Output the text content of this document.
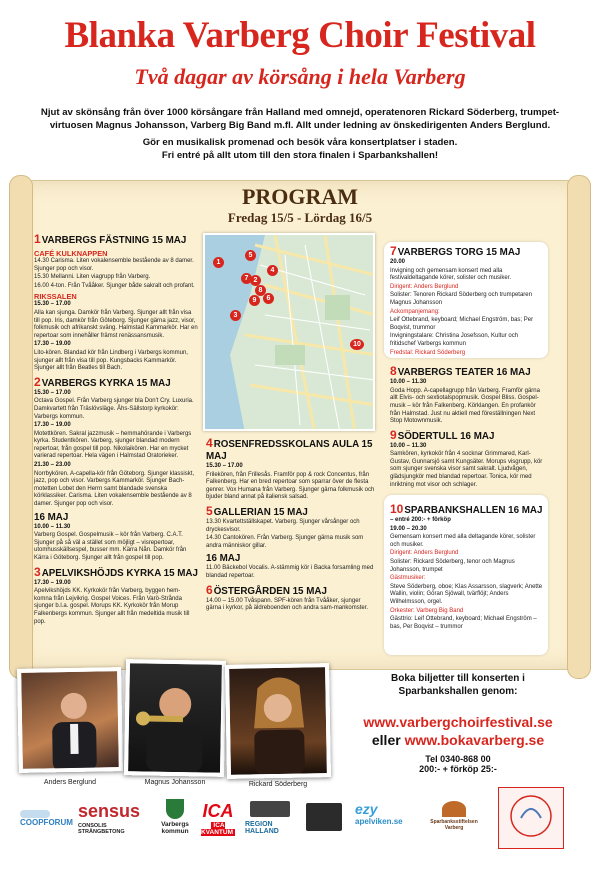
Blanka Varberg Choir Festival
Två dagar av körsång i hela Varberg

Njut av skönsång från över 1000 körsångare från Halland med omnejd, operatenoren Rickard Söderberg, trumpet-virtuosen Magnus Johansson, Varberg Big Band m.fl. Allt under ledning av önskedirigenten Anders Berglund.

Gör en musikalisk promenad och besök våra konsertplatser i staden.

Fri entré på allt utom till den stora finalen i Sparbankshallen!

PROGRAM
Fredag 15/5 - Lördag 16/5
1VARBERGS FÄSTNING 15 MAJ
CAFÉ KULKNAPPEN
14.30 Carisma. Liten vokalensemble bestående av 8 damer. Sjunger pop och visor.
15.30 Mellanni. Liten viagrupp från Varberg.
16.00 4-ton. Från Tvååker. Sjunger både sakralt och profant.
RIKSSALEN
15.30 – 17.00
Alla kan sjunga. Damkör från Varberg. Sjunger allt från visa till pop. Iris, damkör från Göteborg. Sjunger gärna jazz, visor, folkmusik och afrikanskt sväng. Halmstad Kammarkör. Har en repertoar som innehåller främst renässansmusik.
17.30 – 19.00
Lito-kören. Blandad kör från Lindberg i Varbergs kommun, sjunger allt från visa till pop. Kungsbacks Kammarkör. Sjunger allt från Beatles till Bach.
2VARBERGS KYRKA 15 MAJ
15.30 – 17.00
Octava Gospel. Från Varberg sjunger bla Don't Cry. Luxuria. Damkvartett från Träslövsläge. Åhs-Sällstorp kyrkokör: Varbergs kommun.
17.30 – 19.00
Motettkören. Sakral jazzmusik – hemmahörande i Varbergs kyrka. Studentkören. Varberg, sjunger blandad modern repertoar, från gospel till pop. Nikolaikören. Har en mycket varierad repertoar. Hela vägen i Halmstad Oratorieker.
21.30 – 23.00
Norrbykören. A-capella-kör från Göteborg. Sjunger klassiskt, jazz, pop och visor. Varbergs Kammarkör. Sjunger Bach-motetten Lobet den Herrn samt blandade svenska körklassiker. Carisma. Liten vokalensemble bestående av 8 damer. Sjunger pop och visor.
16 MAJ
10.00 – 11.30
Varberg Gospel. Gospelmusik – kör från Varberg. C.A.T. Sjunger på så väl a stället som möjligt – visrepertoar, utomhusskällsespel, busser mm. Kärra Nån. Damkör från Kärra i Göteborg. Sjunger allt från gospel till pop.
3APELVIKSHÖJDS KYRKA 15 MAJ
17.30 – 19.00
Apelvikshöjds KK. Kyrkokör från Varberg, byggen hem-komna från Lejvikrig. Gospel Voices. Från Varö-Strånda sjunger b.l.a. gospel. Morups KK. Kyrkokör från Morup Falkenbergs kommun. Sjunger allt från medeltida musik till pop.
1
2
3
4
5
6
7
8
9
10
4ROSENFREDSSKOLANS AULA 15 MAJ
15.30 – 17.00
Frilekören, från Frillesås. Framför pop & rock Concentus, från Falkenberg. Har en bred repertoar som sparrar över de flesta genrer. Vox Humana från Varberg. Sjunger gärna folkmusik och bjuder bland annat på italiensk salsad.
5GALLERIAN 15 MAJ
13.30 Kvartettställskapet. Varberg. Sjunger vårsånger och dryckesvisor.
14.30 Cantokören. Från Varberg. Sjunger gärna musik som andra människor gillar.
16 MAJ
11.00 Bäckebol Vocalis. A-stämmig kör i Backa forsamling med blandad repertoar.
6ÖSTERGÅRDEN 15 MAJ
14.00 – 15.00 Tvåspann. SPF-kören från Tvååker, sjunger gärna i kyrkor, på äldreboenden och andra sam-mankomster.
7VARBERGS TORG 15 MAJ
20.00
Invigning och gemensam konsert med alla festivaldeltagande körer, solister och musiker.
Dirigent: Anders Berglund
Solister: Tenoren Rickard Söderberg och trumpetaren Magnus Johansson
Ackompanjemang:
Leif Ottebrand, keyboard; Michael Engström, bas; Per Boqvist, trummor
Invigningstalare: Christina Josefsson, Kultur och fritidschef Varbergs kommun
Fredstal: Rickard Söderberg
8VARBERGS TEATER 16 MAJ
10.00 – 11.30
Goda Hopp. A-capellagrupp från Varberg. Framför gärna allt Elvis- och sextiotalspopmusik. Gospel Bliss. Gospel-musik – kör från Falkenberg. Körklangen. En profankör från Halmstad. Just nu aktiell med föreställningen Next Stop Motownmusik.
9SÖDERTULL 16 MAJ
10.00 – 11.30
Samkören, kyrkokör från 4 socknar Grimmared, Karl-Gustav, Gunnarsjö samt Kungsäter. Morups visgrupp, kör som sjunger svenska visor samt sakralt. Ljudvågen, glädsjungkör med blandad repertoar. Tonica, kör med inriktning mot visor och schlager.
10SPARBANKSHALLEN 16 MAJ
– entré 200:- + förköp
19.00 – 20.30
Gemensam konsert med alla deltagande körer, solister och musiker.
Dirigent: Anders Berglund
Solister: Rickard Söderberg, tenor och Magnus Johansson, trumpet
Gästmusiker:
Steve Söderberg, oboe; Klas Assarsson, slagverk; Anette Wallin, violin; Göran Sjöwall, tvärflöjt; Anders Wilhelmsson, orgel.
Orkester: Varberg Big Band
Gästtrio: Leif Ottebrand, keyboard; Michael Engström – bas, Per Boqvist – trummor
Anders Berglund	Magnus Johansson	Rickard Söderberg
Boka biljetter till konserten i
Sparbankshallen genom:
www.varbergchoirfestival.se
eller www.bokavarberg.se
Tel 0340-868 00
200:- + förköp 25:-
COOPFORUM
sensus
CONSOLIS STRÄNGBETONG
Varbergs kommun
ICA
ICA KVANTUM
REGION HALLAND
ezy
apelviken.se	Sparbanksstiftelsen Varberg
